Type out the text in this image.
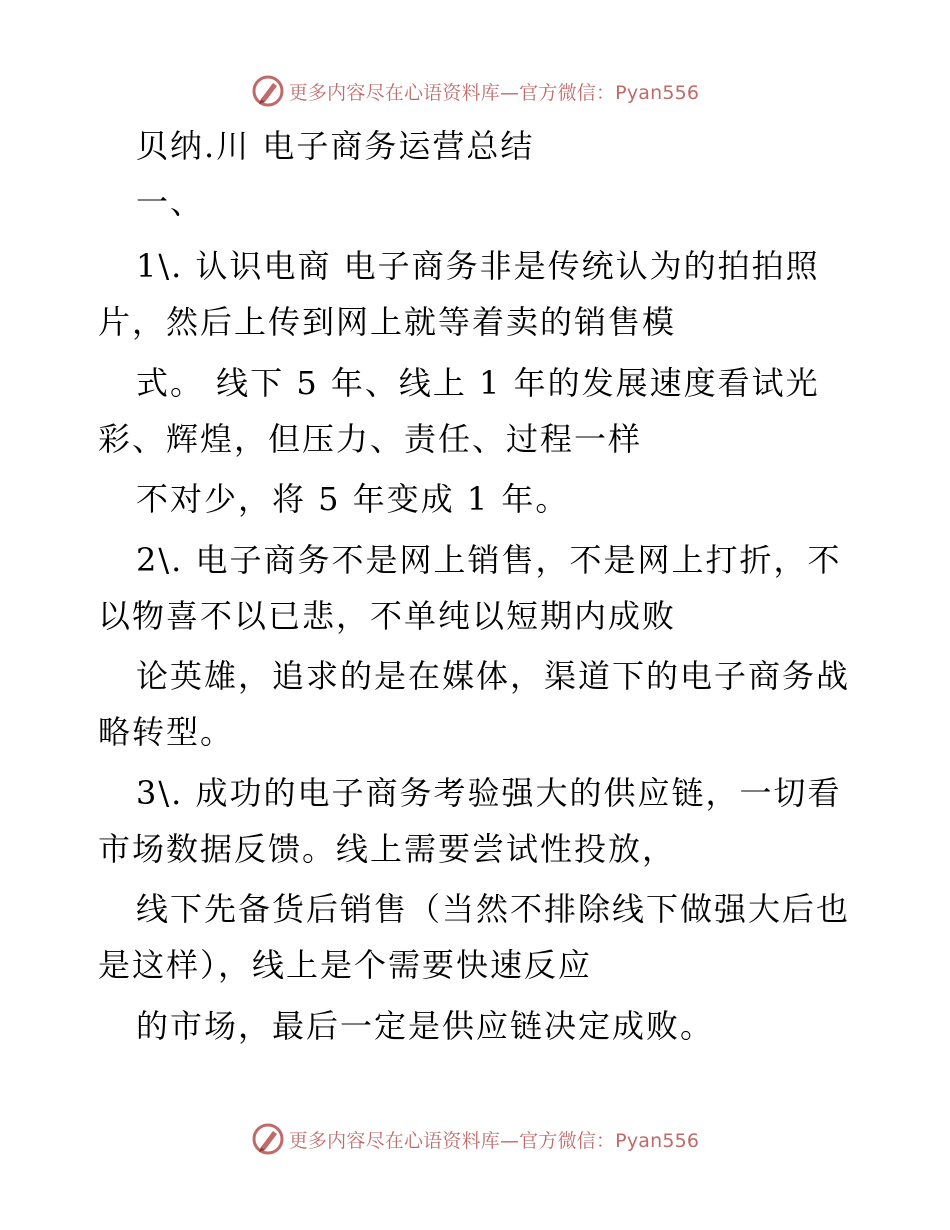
更多内容尽在心语资料库—官方微信：Pyan556
贝纳.川 电子商务运营总结
一、
1\. 认识电商 电子商务非是传统认为的拍拍照
片，然后上传到网上就等着卖的销售模
式。 线下 5 年、线上 1 年的发展速度看试光
彩、辉煌，但压力、责任、过程一样
不对少，将 5 年变成 1 年。
2\. 电子商务不是网上销售，不是网上打折，不
以物喜不以已悲，不单纯以短期内成败
论英雄，追求的是在媒体，渠道下的电子商务战
略转型。
3\. 成功的电子商务考验强大的供应链，一切看
市场数据反馈。线上需要尝试性投放，
线下先备货后销售（当然不排除线下做强大后也
是这样），线上是个需要快速反应
的市场，最后一定是供应链决定成败。
更多内容尽在心语资料库—官方微信：Pyan556
